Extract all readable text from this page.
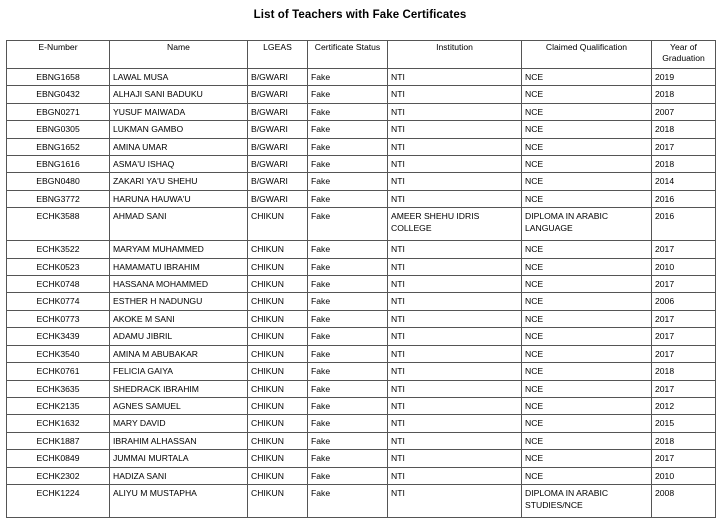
List of Teachers with Fake Certificates
E-Number	Name	LGEAS	Certificate Status	Institution	Claimed Qualification	Year of Graduation
EBNG1658	LAWAL MUSA	B/GWARI	Fake	NTI	NCE	2019
EBNG0432	ALHAJI SANI BADUKU	B/GWARI	Fake	NTI	NCE	2018
EBGN0271	YUSUF MAIWADA	B/GWARI	Fake	NTI	NCE	2007
EBNG0305	LUKMAN GAMBO	B/GWARI	Fake	NTI	NCE	2018
EBNG1652	AMINA UMAR	B/GWARI	Fake	NTI	NCE	2017
EBNG1616	ASMA'U ISHAQ	B/GWARI	Fake	NTI	NCE	2018
EBGN0480	ZAKARI YA'U SHEHU	B/GWARI	Fake	NTI	NCE	2014
EBNG3772	HARUNA HAUWA'U	B/GWARI	Fake	NTI	NCE	2016
ECHK3588	AHMAD SANI	CHIKUN	Fake	AMEER SHEHU IDRIS COLLEGE	DIPLOMA IN ARABIC LANGUAGE	2016
ECHK3522	MARYAM MUHAMMED	CHIKUN	Fake	NTI	NCE	2017
ECHK0523	HAMAMATU IBRAHIM	CHIKUN	Fake	NTI	NCE	2010
ECHK0748	HASSANA MOHAMMED	CHIKUN	Fake	NTI	NCE	2017
ECHK0774	ESTHER H NADUNGU	CHIKUN	Fake	NTI	NCE	2006
ECHK0773	AKOKE M SANI	CHIKUN	Fake	NTI	NCE	2017
ECHK3439	ADAMU JIBRIL	CHIKUN	Fake	NTI	NCE	2017
ECHK3540	AMINA M ABUBAKAR	CHIKUN	Fake	NTI	NCE	2017
ECHK0761	FELICIA GAIYA	CHIKUN	Fake	NTI	NCE	2018
ECHK3635	SHEDRACK IBRAHIM	CHIKUN	Fake	NTI	NCE	2017
ECHK2135	AGNES SAMUEL	CHIKUN	Fake	NTI	NCE	2012
ECHK1632	MARY DAVID	CHIKUN	Fake	NTI	NCE	2015
ECHK1887	IBRAHIM ALHASSAN	CHIKUN	Fake	NTI	NCE	2018
ECHK0849	JUMMAI MURTALA	CHIKUN	Fake	NTI	NCE	2017
ECHK2302	HADIZA SANI	CHIKUN	Fake	NTI	NCE	2010
ECHK1224	ALIYU M MUSTAPHA	CHIKUN	Fake	NTI	DIPLOMA IN ARABIC STUDIES/NCE	2008
